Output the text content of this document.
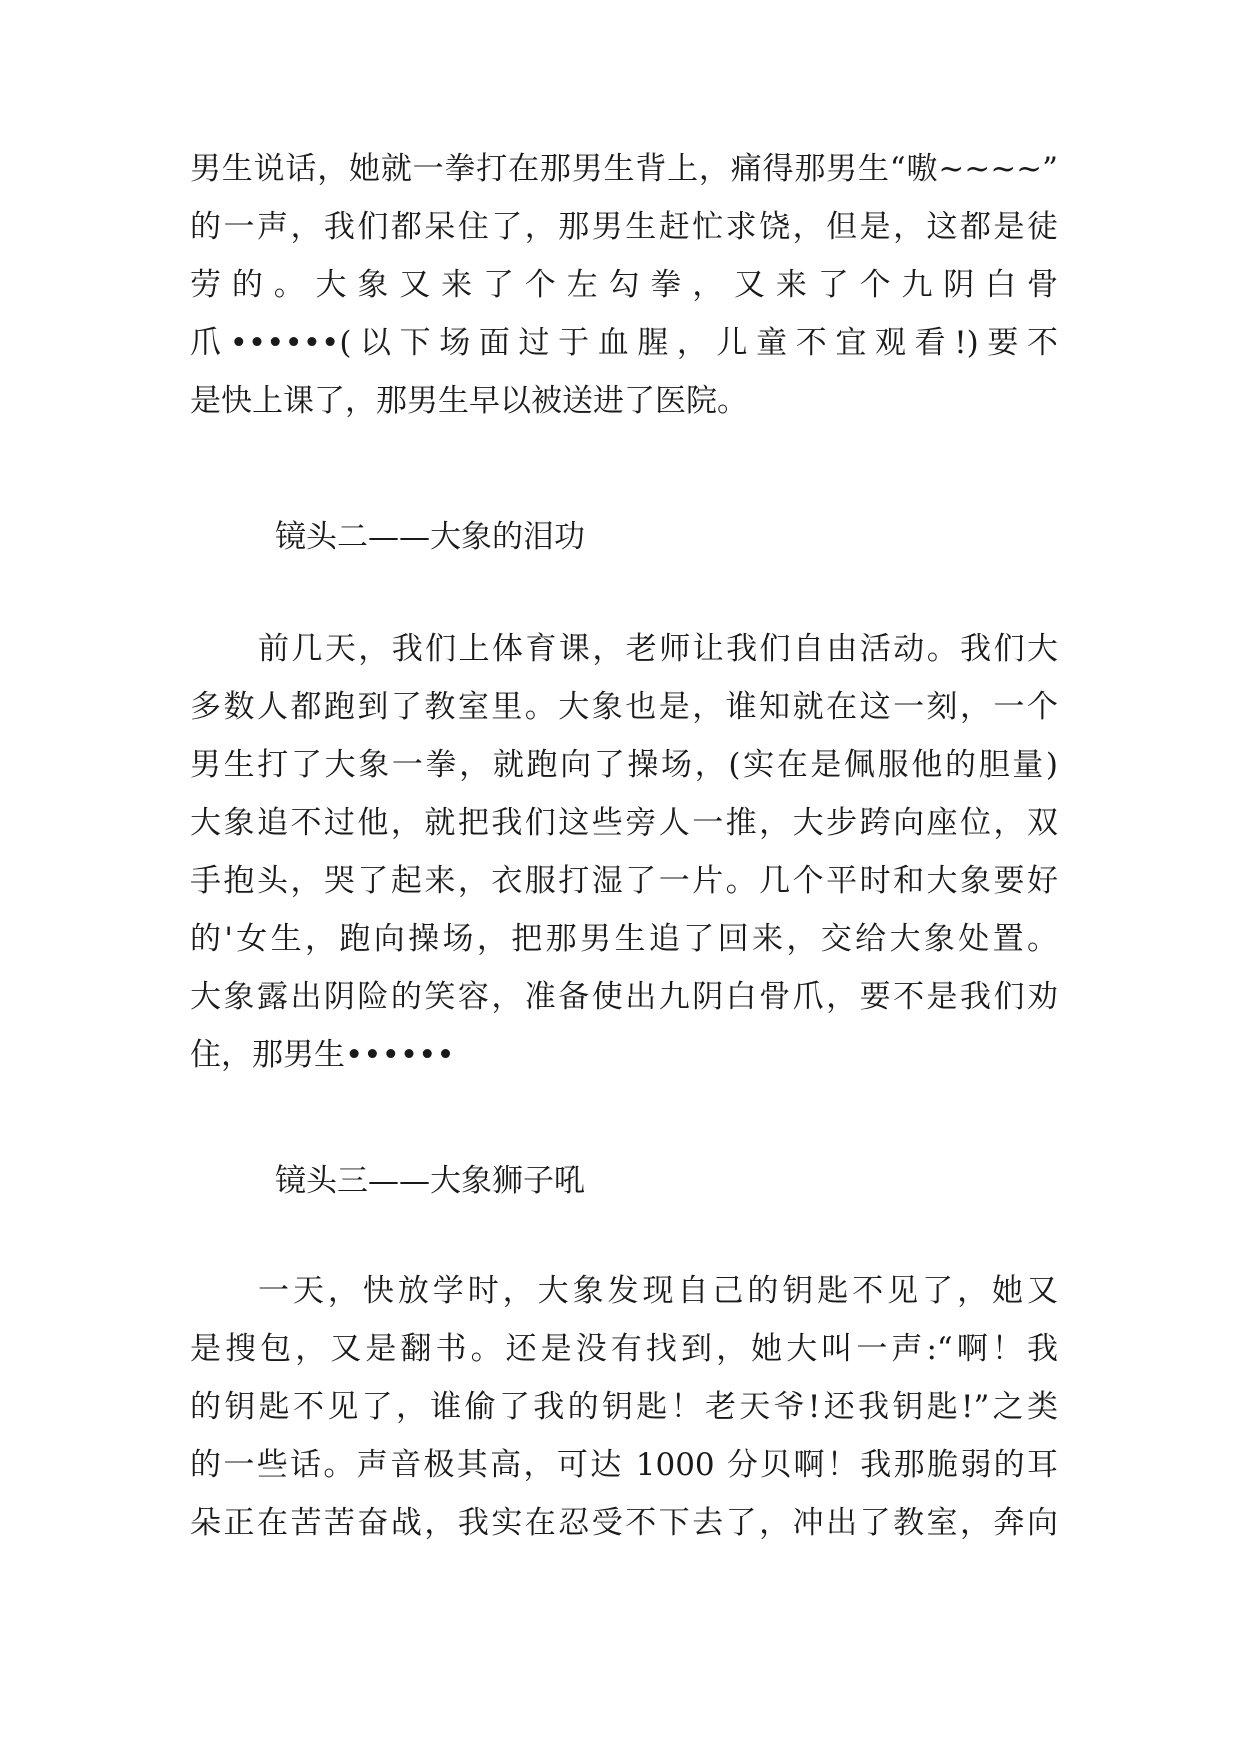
男生说话，她就一拳打在那男生背上，痛得那男生“嗷~~~~”
的一声，我们都呆住了，那男生赶忙求饶，但是，这都是徒
劳的。大象又来了个左勾拳，又来了个九阴白骨
爪••••••(以下场面过于血腥，儿童不宜观看!)要不
是快上课了，那男生早以被送进了医院。
镜头二——大象的泪功
前几天，我们上体育课，老师让我们自由活动。我们大
多数人都跑到了教室里。大象也是，谁知就在这一刻，一个
男生打了大象一拳，就跑向了操场，(实在是佩服他的胆量)
大象追不过他，就把我们这些旁人一推，大步跨向座位，双
手抱头，哭了起来，衣服打湿了一片。几个平时和大象要好
的'女生，跑向操场，把那男生追了回来，交给大象处置。
大象露出阴险的笑容，准备使出九阴白骨爪，要不是我们劝
住，那男生••••••
镜头三——大象狮子吼
一天，快放学时，大象发现自己的钥匙不见了，她又
是搜包，又是翻书。还是没有找到，她大叫一声:“啊！我
的钥匙不见了，谁偷了我的钥匙！老天爷!还我钥匙!”之类
的一些话。声音极其高，可达 1000 分贝啊！我那脆弱的耳
朵正在苦苦奋战，我实在忍受不下去了，冲出了教室，奔向
